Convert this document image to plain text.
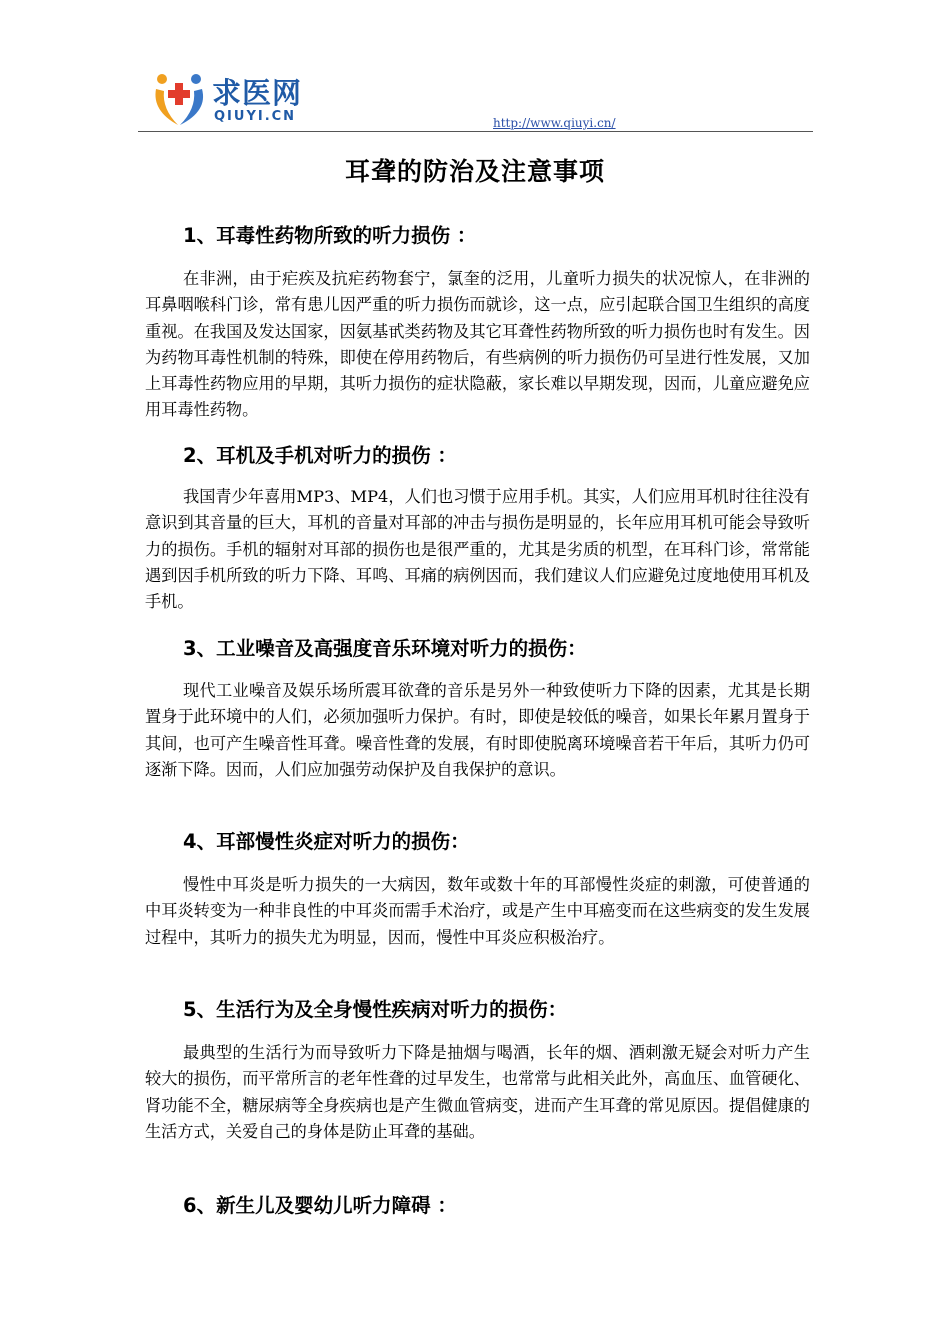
求医网
QIUYI.CN	http://www.qiuyi.cn/
耳聋的防治及注意事项
1、耳毒性药物所致的听力损伤 ：
在非洲，由于疟疾及抗疟药物套宁，氯奎的泛用，儿童听力损失的状况惊人，在非洲的耳鼻咽喉科门诊，常有患儿因严重的听力损伤而就诊，这一点，应引起联合国卫生组织的高度重视。在我国及发达国家，因氨基甙类药物及其它耳聋性药物所致的听力损伤也时有发生。因为药物耳毒性机制的特殊，即使在停用药物后，有些病例的听力损伤仍可呈进行性发展，又加上耳毒性药物应用的早期，其听力损伤的症状隐蔽，家长难以早期发现，因而，儿童应避免应用耳毒性药物。
2、耳机及手机对听力的损伤 ：
我国青少年喜用MP3、MP4，人们也习惯于应用手机。其实，人们应用耳机时往往没有意识到其音量的巨大，耳机的音量对耳部的冲击与损伤是明显的，长年应用耳机可能会导致听力的损伤。手机的辐射对耳部的损伤也是很严重的，尤其是劣质的机型，在耳科门诊，常常能遇到因手机所致的听力下降、耳鸣、耳痛的病例因而，我们建议人们应避免过度地使用耳机及手机。
3、工业噪音及高强度音乐环境对听力的损伤：
现代工业噪音及娱乐场所震耳欲聋的音乐是另外一种致使听力下降的因素，尤其是长期置身于此环境中的人们，必须加强听力保护。有时，即使是较低的噪音，如果长年累月置身于其间，也可产生噪音性耳聋。噪音性聋的发展，有时即使脱离环境噪音若干年后，其听力仍可逐渐下降。因而，人们应加强劳动保护及自我保护的意识。
4、耳部慢性炎症对听力的损伤：
慢性中耳炎是听力损失的一大病因，数年或数十年的耳部慢性炎症的刺激，可使普通的中耳炎转变为一种非良性的中耳炎而需手术治疗，或是产生中耳癌变而在这些病变的发生发展过程中，其听力的损失尤为明显，因而，慢性中耳炎应积极治疗。
5、生活行为及全身慢性疾病对听力的损伤：
最典型的生活行为而导致听力下降是抽烟与喝酒，长年的烟、酒刺激无疑会对听力产生较大的损伤，而平常所言的老年性聋的过早发生，也常常与此相关此外，高血压、血管硬化、肾功能不全，糖尿病等全身疾病也是产生微血管病变，进而产生耳聋的常见原因。提倡健康的生活方式，关爱自己的身体是防止耳聋的基础。
6、新生儿及婴幼儿听力障碍 ：
